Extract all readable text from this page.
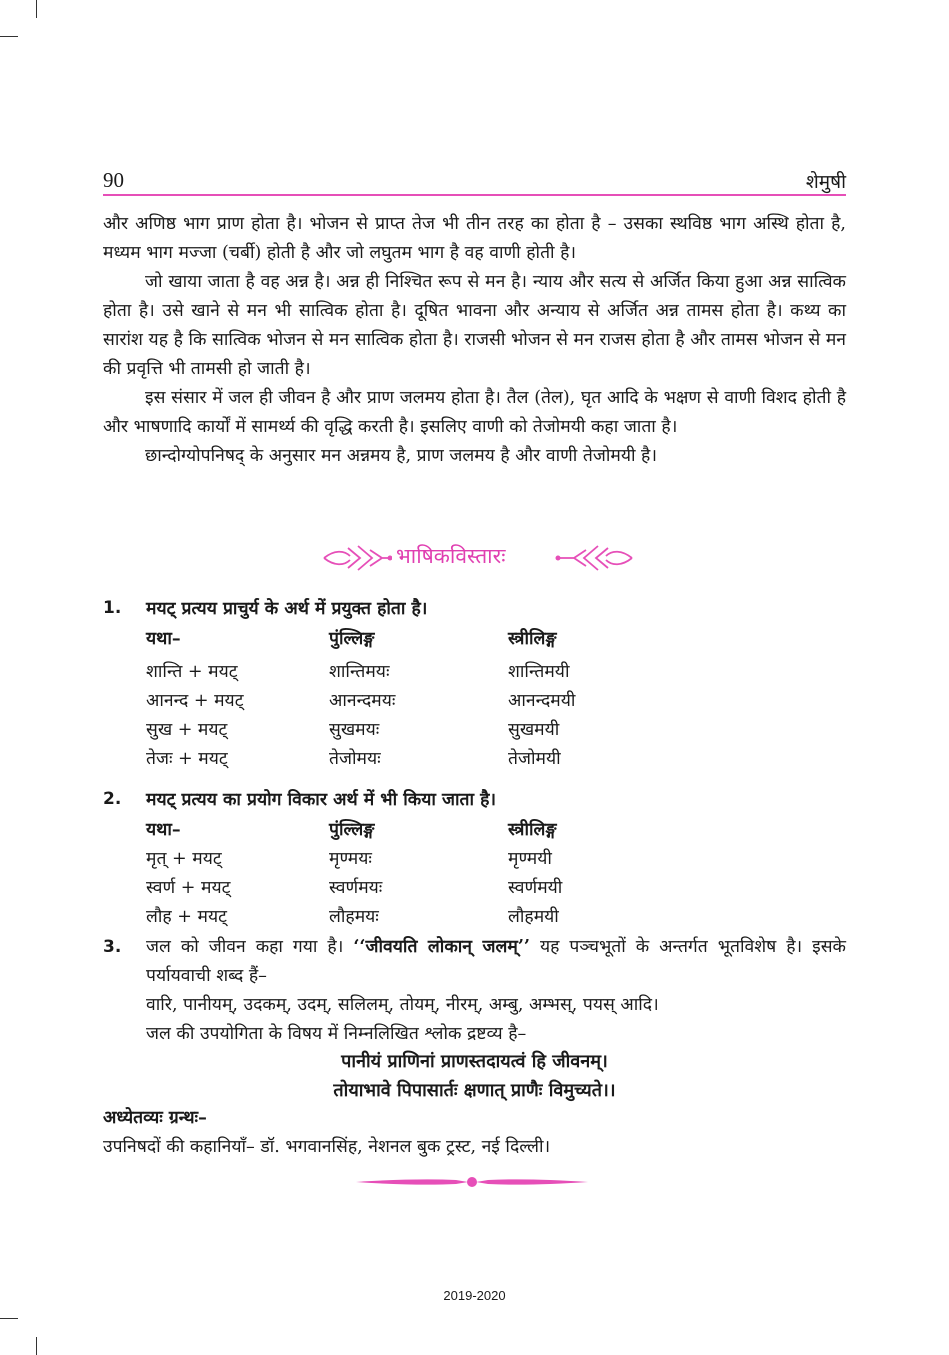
90	शेमुषी

और अणिष्ठ भाग प्राण होता है। भोजन से प्राप्त तेज भी तीन तरह का होता है – उसका स्थविष्ठ भाग अस्थि होता है, मध्यम भाग मज्जा (चर्बी) होती है और जो लघुतम भाग है वह वाणी होती है।

जो खाया जाता है वह अन्न है। अन्न ही निश्चित रूप से मन है। न्याय और सत्य से अर्जित किया हुआ अन्न सात्विक होता है। उसे खाने से मन भी सात्विक होता है। दूषित भावना और अन्याय से अर्जित अन्न तामस होता है। कथ्य का सारांश यह है कि सात्विक भोजन से मन सात्विक होता है। राजसी भोजन से मन राजस होता है और तामस भोजन से मन की प्रवृत्ति भी तामसी हो जाती है।

इस संसार में जल ही जीवन है और प्राण जलमय होता है। तैल (तेल), घृत आदि के भक्षण से वाणी विशद होती है और भाषणादि कार्यों में सामर्थ्य की वृद्धि करती है। इसलिए वाणी को तेजोमयी कहा जाता है।

छान्दोग्योपनिषद् के अनुसार मन अन्नमय है, प्राण जलमय है और वाणी तेजोमयी है।

भाषिकविस्तारः
1. मयट् प्रत्यय प्राचुर्य के अर्थ में प्रयुक्त होता है।
यथा–	पुंल्लिङ्ग	स्त्रीलिङ्ग
शान्ति + मयट्	शान्तिमयः	शान्तिमयी
आनन्द + मयट्	आनन्दमयः	आनन्दमयी
सुख + मयट्	सुखमयः	सुखमयी
तेजः + मयट्	तेजोमयः	तेजोमयी
2. मयट् प्रत्यय का प्रयोग विकार अर्थ में भी किया जाता है।
यथा–	पुंल्लिङ्ग	स्त्रीलिङ्ग
मृत् + मयट्	मृण्मयः	मृण्मयी
स्वर्ण + मयट्	स्वर्णमयः	स्वर्णमयी
लौह + मयट्	लौहमयः	लौहमयी
3. जल को जीवन कहा गया है। ‘‘जीवयति लोकान् जलम्’’ यह पञ्चभूतों के अन्तर्गत भूतविशेष है। इसके पर्यायवाची शब्द हैं–
वारि, पानीयम्, उदकम्, उदम्, सलिलम्, तोयम्, नीरम्, अम्बु, अम्भस्, पयस् आदि।
जल की उपयोगिता के विषय में निम्नलिखित श्लोक द्रष्टव्य है–
पानीयं प्राणिनां प्राणस्तदायत्वं हि जीवनम्।
तोयाभावे पिपासार्तः क्षणात् प्राणैः विमुच्यते।।
अध्येतव्यः ग्रन्थः–
उपनिषदों की कहानियाँ– डॉ. भगवानसिंह, नेशनल बुक ट्रस्ट, नई दिल्ली।
2019-2020
